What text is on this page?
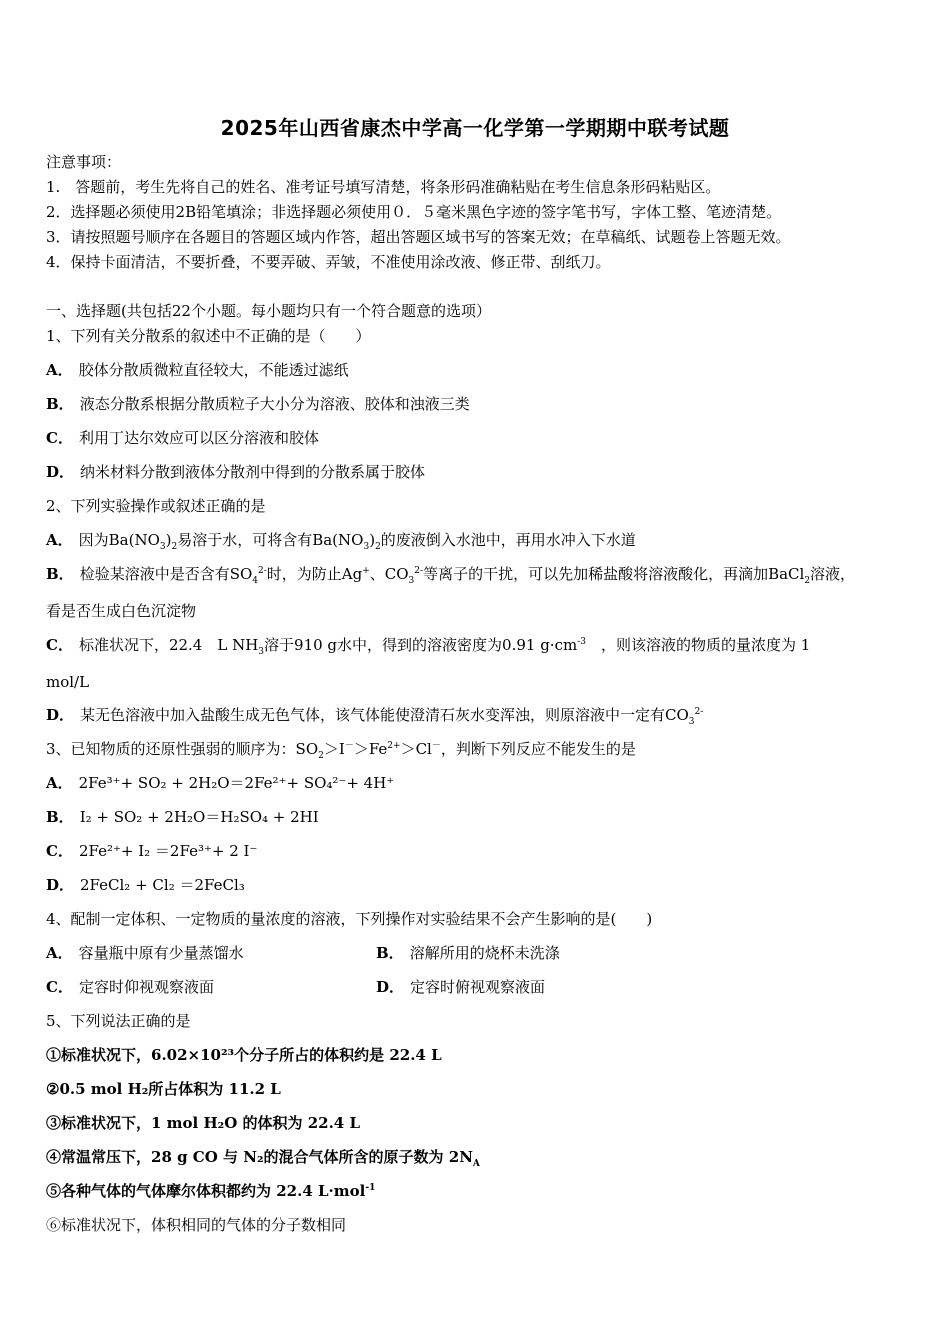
2025年山西省康杰中学高一化学第一学期期中联考试题
注意事项：
1.　答题前，考生先将自己的姓名、准考证号填写清楚，将条形码准确粘贴在考生信息条形码粘贴区。
2．选择题必须使用2B铅笔填涂；非选择题必须使用０．５毫米黑色字迹的签字笔书写，字体工整、笔迹清楚。
3．请按照题号顺序在各题目的答题区域内作答，超出答题区域书写的答案无效；在草稿纸、试题卷上答题无效。
4．保持卡面清洁，不要折叠，不要弄破、弄皱，不准使用涂改液、修正带、刮纸刀。
一、选择题(共包括22个小题。每小题均只有一个符合题意的选项）
1、下列有关分散系的叙述中不正确的是（　　）
A． 胶体分散质微粒直径较大，不能透过滤纸
B． 液态分散系根据分散质粒子大小分为溶液、胶体和浊液三类
C． 利用丁达尔效应可以区分溶液和胶体
D． 纳米材料分散到液体分散剂中得到的分散系属于胶体
2、下列实验操作或叙述正确的是
A． 因为$Ba(NO_3)_2$易溶于水，可将含有$Ba(NO_3)_2$的废液倒入水池中，再用水冲入下水道
B． 检验某溶液中是否含有$SO_4^{2-}$时，为防止Ag+、$CO_3^{2-}$等离子的干扰，可以先加稀盐酸将溶液酸化，再滴加BaCl$_2$溶液，
看是否生成白色沉淀物
C． 标准状况下，22.4　L $NH_3$溶于910 g水中，得到的溶液密度为0.91 $g\cdot cm^{-3}$　，则该溶液的物质的量浓度为 1
mol/L
D． 某无色溶液中加入盐酸生成无色气体，该气体能使澄清石灰水变浑浊，则原溶液中一定有$CO_3^{2-}$
3、已知物质的还原性强弱的顺序为：$SO_2>I^->Fe^{2+}>Cl^-$，判断下列反应不能发生的是
A． 2Fe³⁺+ SO₂ + 2H₂O＝2Fe²⁺+ SO₄²⁻+ 4H⁺
B． I₂ + SO₂ + 2H₂O＝H₂SO₄ + 2HI
C． 2Fe²⁺+ I₂ ＝2Fe³⁺+ 2 I⁻
D． 2FeCl₂ + Cl₂ ＝2FeCl₃
4、配制一定体积、一定物质的量浓度的溶液，下列操作对实验结果不会产生影响的是(　　)
A． 容量瓶中原有少量蒸馏水	B． 溶解所用的烧杯未洗涤
C． 定容时仰视观察液面	D． 定容时俯视观察液面
5、下列说法正确的是
①标准状况下，6.02×10²³个分子所占的体积约是 22.4 L
②0.5 mol H₂所占体积为 11.2 L
③标准状况下，1 mol H₂O 的体积为 22.4 L
④常温常压下，28 g CO 与 N₂的混合气体所含的原子数为 $2N_A$
⑤各种气体的气体摩尔体积都约为 22.4 L·mol$^{-1}$
⑥标准状况下，体积相同的气体的分子数相同
